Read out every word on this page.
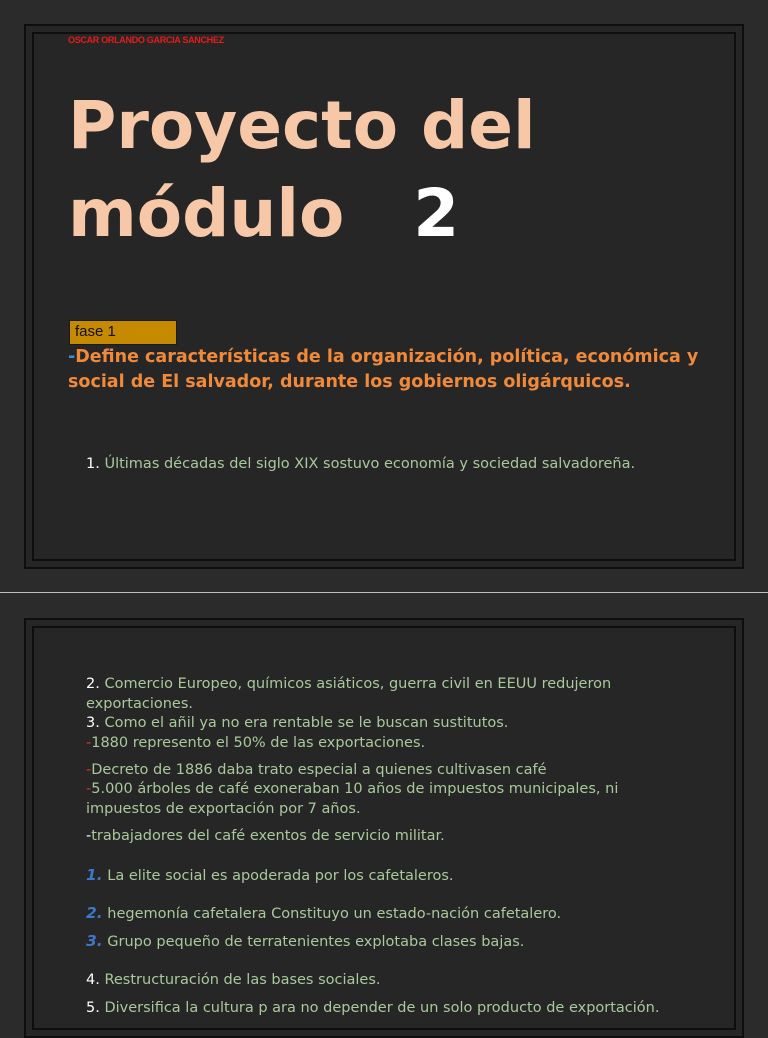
OSCAR ORLANDO GARCIA SANCHEZ
Proyecto del
módulo 2
fase 1
-Define características de la organización, política, económica y social de El salvador, durante los gobiernos oligárquicos.
1. Últimas décadas del siglo XIX sostuvo economía y sociedad salvadoreña.
2. Comercio Europeo, químicos asiáticos, guerra civil en EEUU redujeron exportaciones.
3. Como el añil ya no era rentable se le buscan sustitutos.
-1880 represento el 50% de las exportaciones.
-Decreto de 1886 daba trato especial a quienes cultivasen café
-5.000 árboles de café exoneraban 10 años de impuestos municipales, ni impuestos de exportación por 7 años.
-trabajadores del café exentos de servicio militar.
1. La elite social es apoderada por los cafetaleros.
2. hegemonía cafetalera Constituyo un estado-nación cafetalero.
3. Grupo pequeño de terratenientes explotaba clases bajas.
4. Restructuración de las bases sociales.
5. Diversifica la cultura p ara no depender de un solo producto de exportación.
